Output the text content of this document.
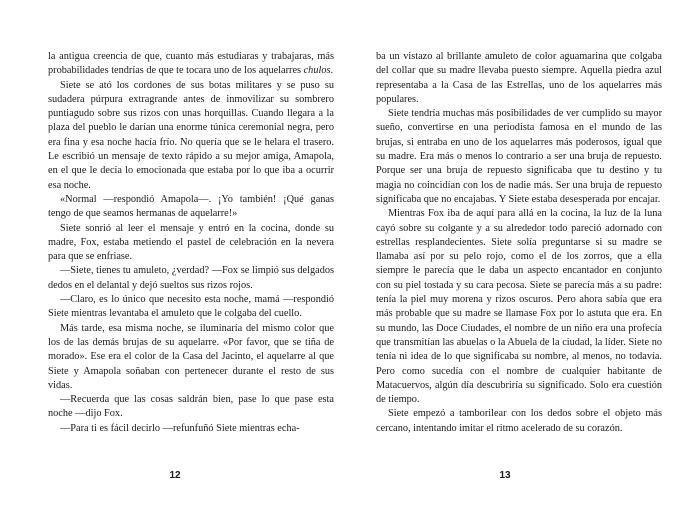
la antigua creencia de que, cuanto más estudiaras y trabajaras, más probabilidades tendrías de que te tocara uno de los aquelarres chulos.

Siete se ató los cordones de sus botas militares y se puso su sudadera púrpura extragrande antes de inmovilizar su sombrero puntiagudo sobre sus rizos con unas horquillas. Cuando llegara a la plaza del pueblo le darían una enorme túnica ceremonial negra, pero era fina y esa noche hacía frío. No quería que se le helara el trasero. Le escribió un mensaje de texto rápido a su mejor amiga, Amapola, en el que le decía lo emocionada que estaba por lo que iba a ocurrir esa noche.

«Normal —respondió Amapola—. ¡Yo también! ¡Qué ganas tengo de que seamos hermanas de aquelarre!»

Siete sonrió al leer el mensaje y entró en la cocina, donde su madre, Fox, estaba metiendo el pastel de celebración en la nevera para que se enfriase.

—Siete, tienes tu amuleto, ¿verdad? —Fox se limpió sus delgados dedos en el delantal y dejó sueltos sus rizos rojos.

—Claro, es lo único que necesito esta noche, mamá —respondió Siete mientras levantaba el amuleto que le colgaba del cuello.

Más tarde, esa misma noche, se iluminaría del mismo color que los de las demás brujas de su aquelarre. «Por favor, que se tiña de morado». Ese era el color de la Casa del Jacinto, el aquelarre al que Siete y Amapola soñaban con pertenecer durante el resto de sus vidas.

—Recuerda que las cosas saldrán bien, pase lo que pase esta noche —dijo Fox.

—Para ti es fácil decirlo —refunfuñó Siete mientras echa-

12

ba un vistazo al brillante amuleto de color aguamarina que colgaba del collar que su madre llevaba puesto siempre. Aquella piedra azul representaba a la Casa de las Estrellas, uno de los aquelarres más populares.

Siete tendría muchas más posibilidades de ver cumplido su mayor sueño, convertirse en una periodista famosa en el mundo de las brujas, si entraba en uno de los aquelarres más poderosos, igual que su madre. Era más o menos lo contrario a ser una bruja de repuesto. Porque ser una bruja de repuesto significaba que tu destino y tu magia no coincidían con los de nadie más. Ser una bruja de repuesto significaba que no encajabas. Y Siete estaba desesperada por encajar.

Mientras Fox iba de aquí para allá en la cocina, la luz de la luna cayó sobre su colgante y a su alrededor todo pareció adornado con estrellas resplandecientes. Siete solía preguntarse si su madre se llamaba así por su pelo rojo, como el de los zorros, que a ella siempre le parecía que le daba un aspecto encantador en conjunto con su piel tostada y su cara pecosa. Siete se parecía más a su padre: tenía la piel muy morena y rizos oscuros. Pero ahora sabía que era más probable que su madre se llamase Fox por lo astuta que era. En su mundo, las Doce Ciudades, el nombre de un niño era una profecía que transmitían las abuelas o la Abuela de la ciudad, la líder. Siete no tenía ni idea de lo que significaba su nombre, al menos, no todavía. Pero como sucedía con el nombre de cualquier habitante de Matacuervos, algún día descubriría su significado. Solo era cuestión de tiempo.

Siete empezó a tamborilear con los dedos sobre el objeto más cercano, intentando imitar el ritmo acelerado de su corazón.

13
